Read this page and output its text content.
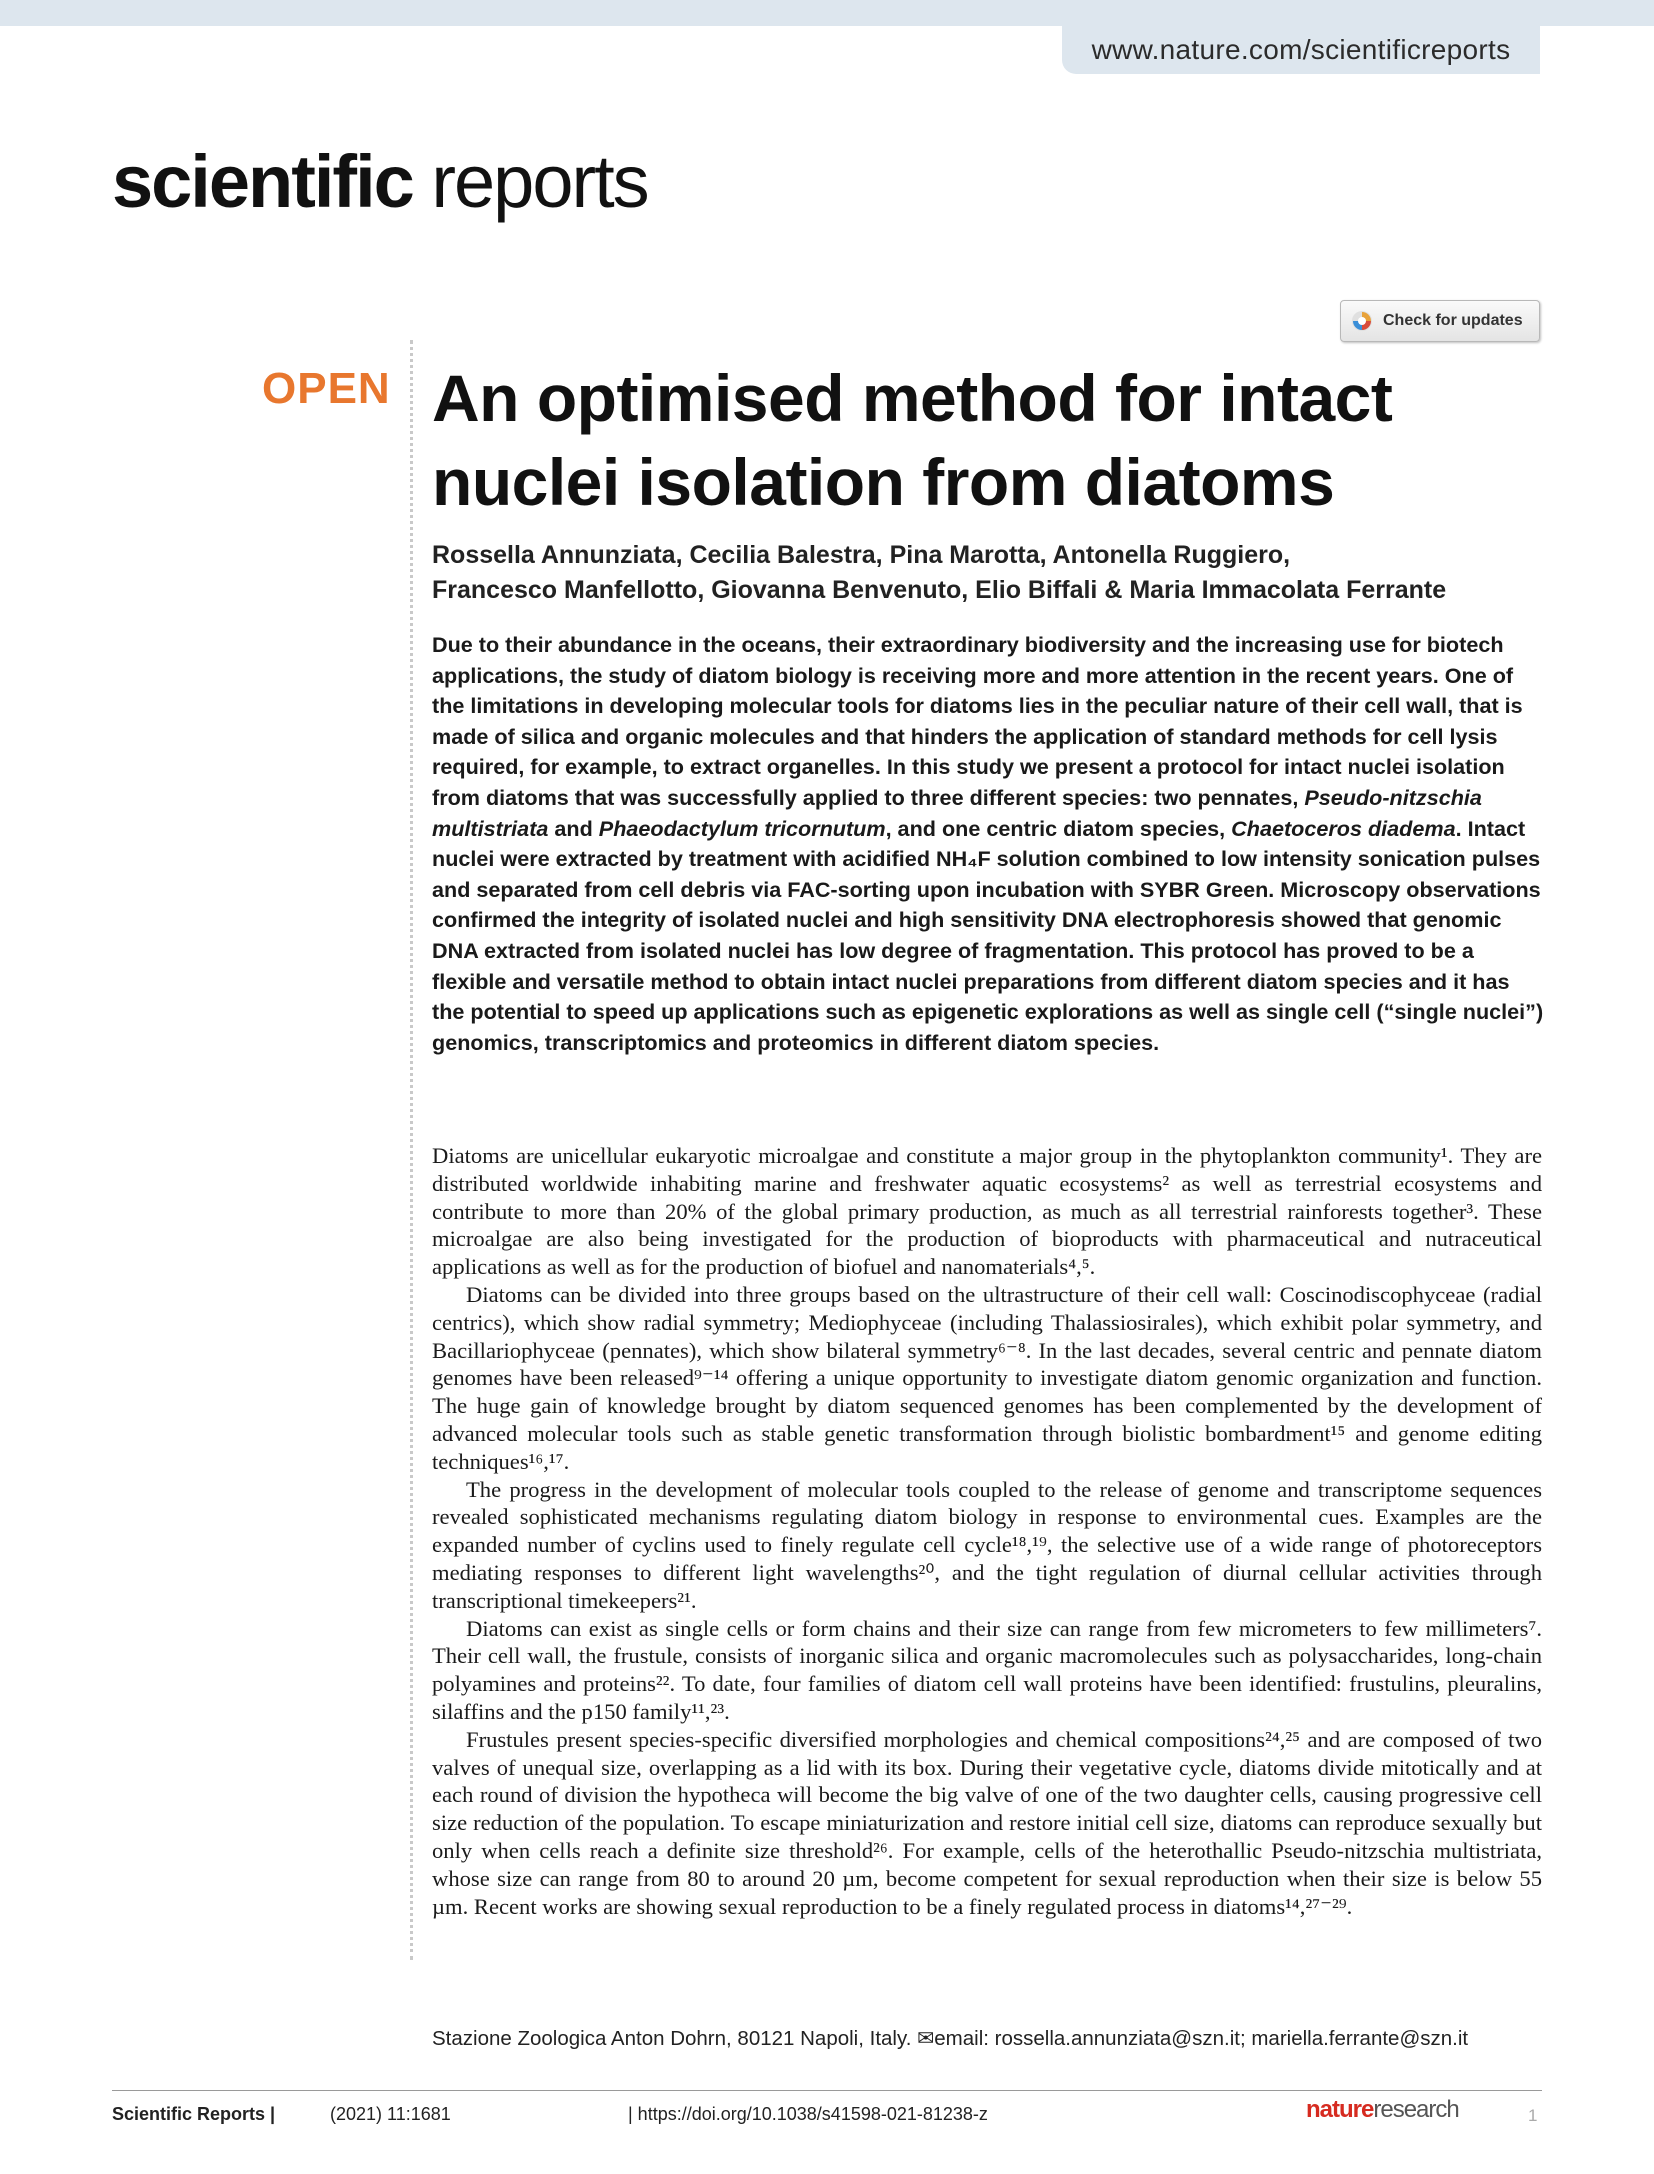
www.nature.com/scientificreports
scientific reports
Check for updates
OPEN An optimised method for intact nuclei isolation from diatoms
Rossella Annunziata, Cecilia Balestra, Pina Marotta, Antonella Ruggiero,
Francesco Manfellotto, Giovanna Benvenuto, Elio Biffali & Maria Immacolata Ferrante
Due to their abundance in the oceans, their extraordinary biodiversity and the increasing use for biotech applications, the study of diatom biology is receiving more and more attention in the recent years. One of the limitations in developing molecular tools for diatoms lies in the peculiar nature of their cell wall, that is made of silica and organic molecules and that hinders the application of standard methods for cell lysis required, for example, to extract organelles. In this study we present a protocol for intact nuclei isolation from diatoms that was successfully applied to three different species: two pennates, Pseudo-nitzschia multistriata and Phaeodactylum tricornutum, and one centric diatom species, Chaetoceros diadema. Intact nuclei were extracted by treatment with acidified NH₄F solution combined to low intensity sonication pulses and separated from cell debris via FAC-sorting upon incubation with SYBR Green. Microscopy observations confirmed the integrity of isolated nuclei and high sensitivity DNA electrophoresis showed that genomic DNA extracted from isolated nuclei has low degree of fragmentation. This protocol has proved to be a flexible and versatile method to obtain intact nuclei preparations from different diatom species and it has the potential to speed up applications such as epigenetic explorations as well as single cell (“single nuclei”) genomics, transcriptomics and proteomics in different diatom species.

Diatoms are unicellular eukaryotic microalgae and constitute a major group in the phytoplankton community¹. They are distributed worldwide inhabiting marine and freshwater aquatic ecosystems² as well as terrestrial ecosystems and contribute to more than 20% of the global primary production, as much as all terrestrial rainforests together³. These microalgae are also being investigated for the production of bioproducts with pharmaceutical and nutraceutical applications as well as for the production of biofuel and nanomaterials⁴,⁵.

Diatoms can be divided into three groups based on the ultrastructure of their cell wall: Coscinodiscophyceae (radial centrics), which show radial symmetry; Mediophyceae (including Thalassiosirales), which exhibit polar symmetry, and Bacillariophyceae (pennates), which show bilateral symmetry⁶⁻⁸. In the last decades, several centric and pennate diatom genomes have been released⁹⁻¹⁴ offering a unique opportunity to investigate diatom genomic organization and function. The huge gain of knowledge brought by diatom sequenced genomes has been complemented by the development of advanced molecular tools such as stable genetic transformation through biolistic bombardment¹⁵ and genome editing techniques¹⁶,¹⁷.

The progress in the development of molecular tools coupled to the release of genome and transcriptome sequences revealed sophisticated mechanisms regulating diatom biology in response to environmental cues. Examples are the expanded number of cyclins used to finely regulate cell cycle¹⁸,¹⁹, the selective use of a wide range of photoreceptors mediating responses to different light wavelengths²⁰, and the tight regulation of diurnal cellular activities through transcriptional timekeepers²¹.

Diatoms can exist as single cells or form chains and their size can range from few micrometers to few millimeters⁷. Their cell wall, the frustule, consists of inorganic silica and organic macromolecules such as polysaccharides, long-chain polyamines and proteins²². To date, four families of diatom cell wall proteins have been identified: frustulins, pleuralins, silaffins and the p150 family¹¹,²³.

Frustules present species-specific diversified morphologies and chemical compositions²⁴,²⁵ and are composed of two valves of unequal size, overlapping as a lid with its box. During their vegetative cycle, diatoms divide mitotically and at each round of division the hypotheca will become the big valve of one of the two daughter cells, causing progressive cell size reduction of the population. To escape miniaturization and restore initial cell size, diatoms can reproduce sexually but only when cells reach a definite size threshold²⁶. For example, cells of the heterothallic Pseudo-nitzschia multistriata, whose size can range from 80 to around 20 µm, become competent for sexual reproduction when their size is below 55 µm. Recent works are showing sexual reproduction to be a finely regulated process in diatoms¹⁴,²⁷⁻²⁹.

Stazione Zoologica Anton Dohrn, 80121 Napoli, Italy. ✉email: rossella.annunziata@szn.it; mariella.ferrante@szn.it
Scientific Reports |	(2021) 11:1681	| https://doi.org/10.1038/s41598-021-81238-z	natureresearch	1
